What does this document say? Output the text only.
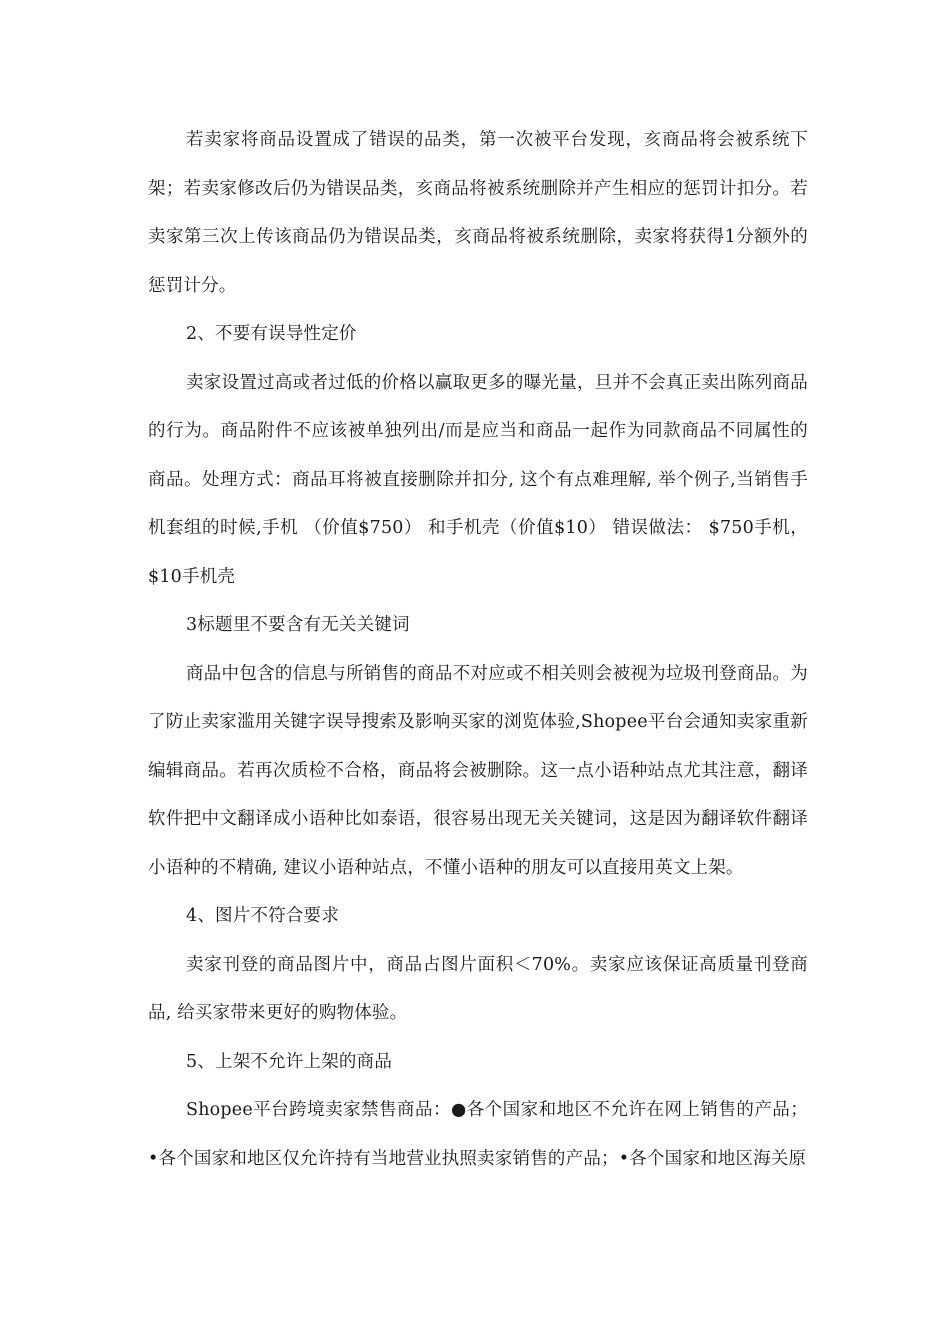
若卖家将商品设置成了错误的品类，第一次被平台发现，亥商品将会被系统下架；若卖家修改后仍为错误品类，亥商品将被系统删除并产生相应的惩罚计扣分。若卖家第三次上传该商品仍为错误品类，亥商品将被系统删除，卖家将获得1分额外的惩罚计分。

2、不要有误导性定价

卖家设置过高或者过低的价格以赢取更多的曝光量，旦并不会真正卖出陈列商品的行为。商品附件不应该被单独列出/而是应当和商品一起作为同款商品不同属性的商品。处理方式：商品耳将被直接删除并扣分, 这个有点难理解, 举个例子,当销售手机套组的时候,手机 （价值$750） 和手机壳（价值$10） 错误做法： $750手机，$10手机壳

3标题里不要含有无关关键词

商品中包含的信息与所销售的商品不对应或不相关则会被视为垃圾刊登商品。为了防止卖家滥用关键字误导搜索及影响买家的浏览体验,Shopee平台会通知卖家重新编辑商品。若再次质检不合格，商品将会被删除。这一点小语种站点尤其注意，翻译软件把中文翻译成小语种比如泰语，很容易出现无关关键词，这是因为翻译软件翻译小语种的不精确, 建议小语种站点，不懂小语种的朋友可以直接用英文上架。

4、图片不符合要求

卖家刊登的商品图片中，商品占图片面积＜70%。卖家应该保证高质量刊登商品, 给买家带来更好的购物体验。

5、上架不允许上架的商品

Shopee平台跨境卖家禁售商品：●各个国家和地区不允许在网上销售的产品；•各个国家和地区仅允许持有当地营业执照卖家销售的产品；•各个国家和地区海关原
